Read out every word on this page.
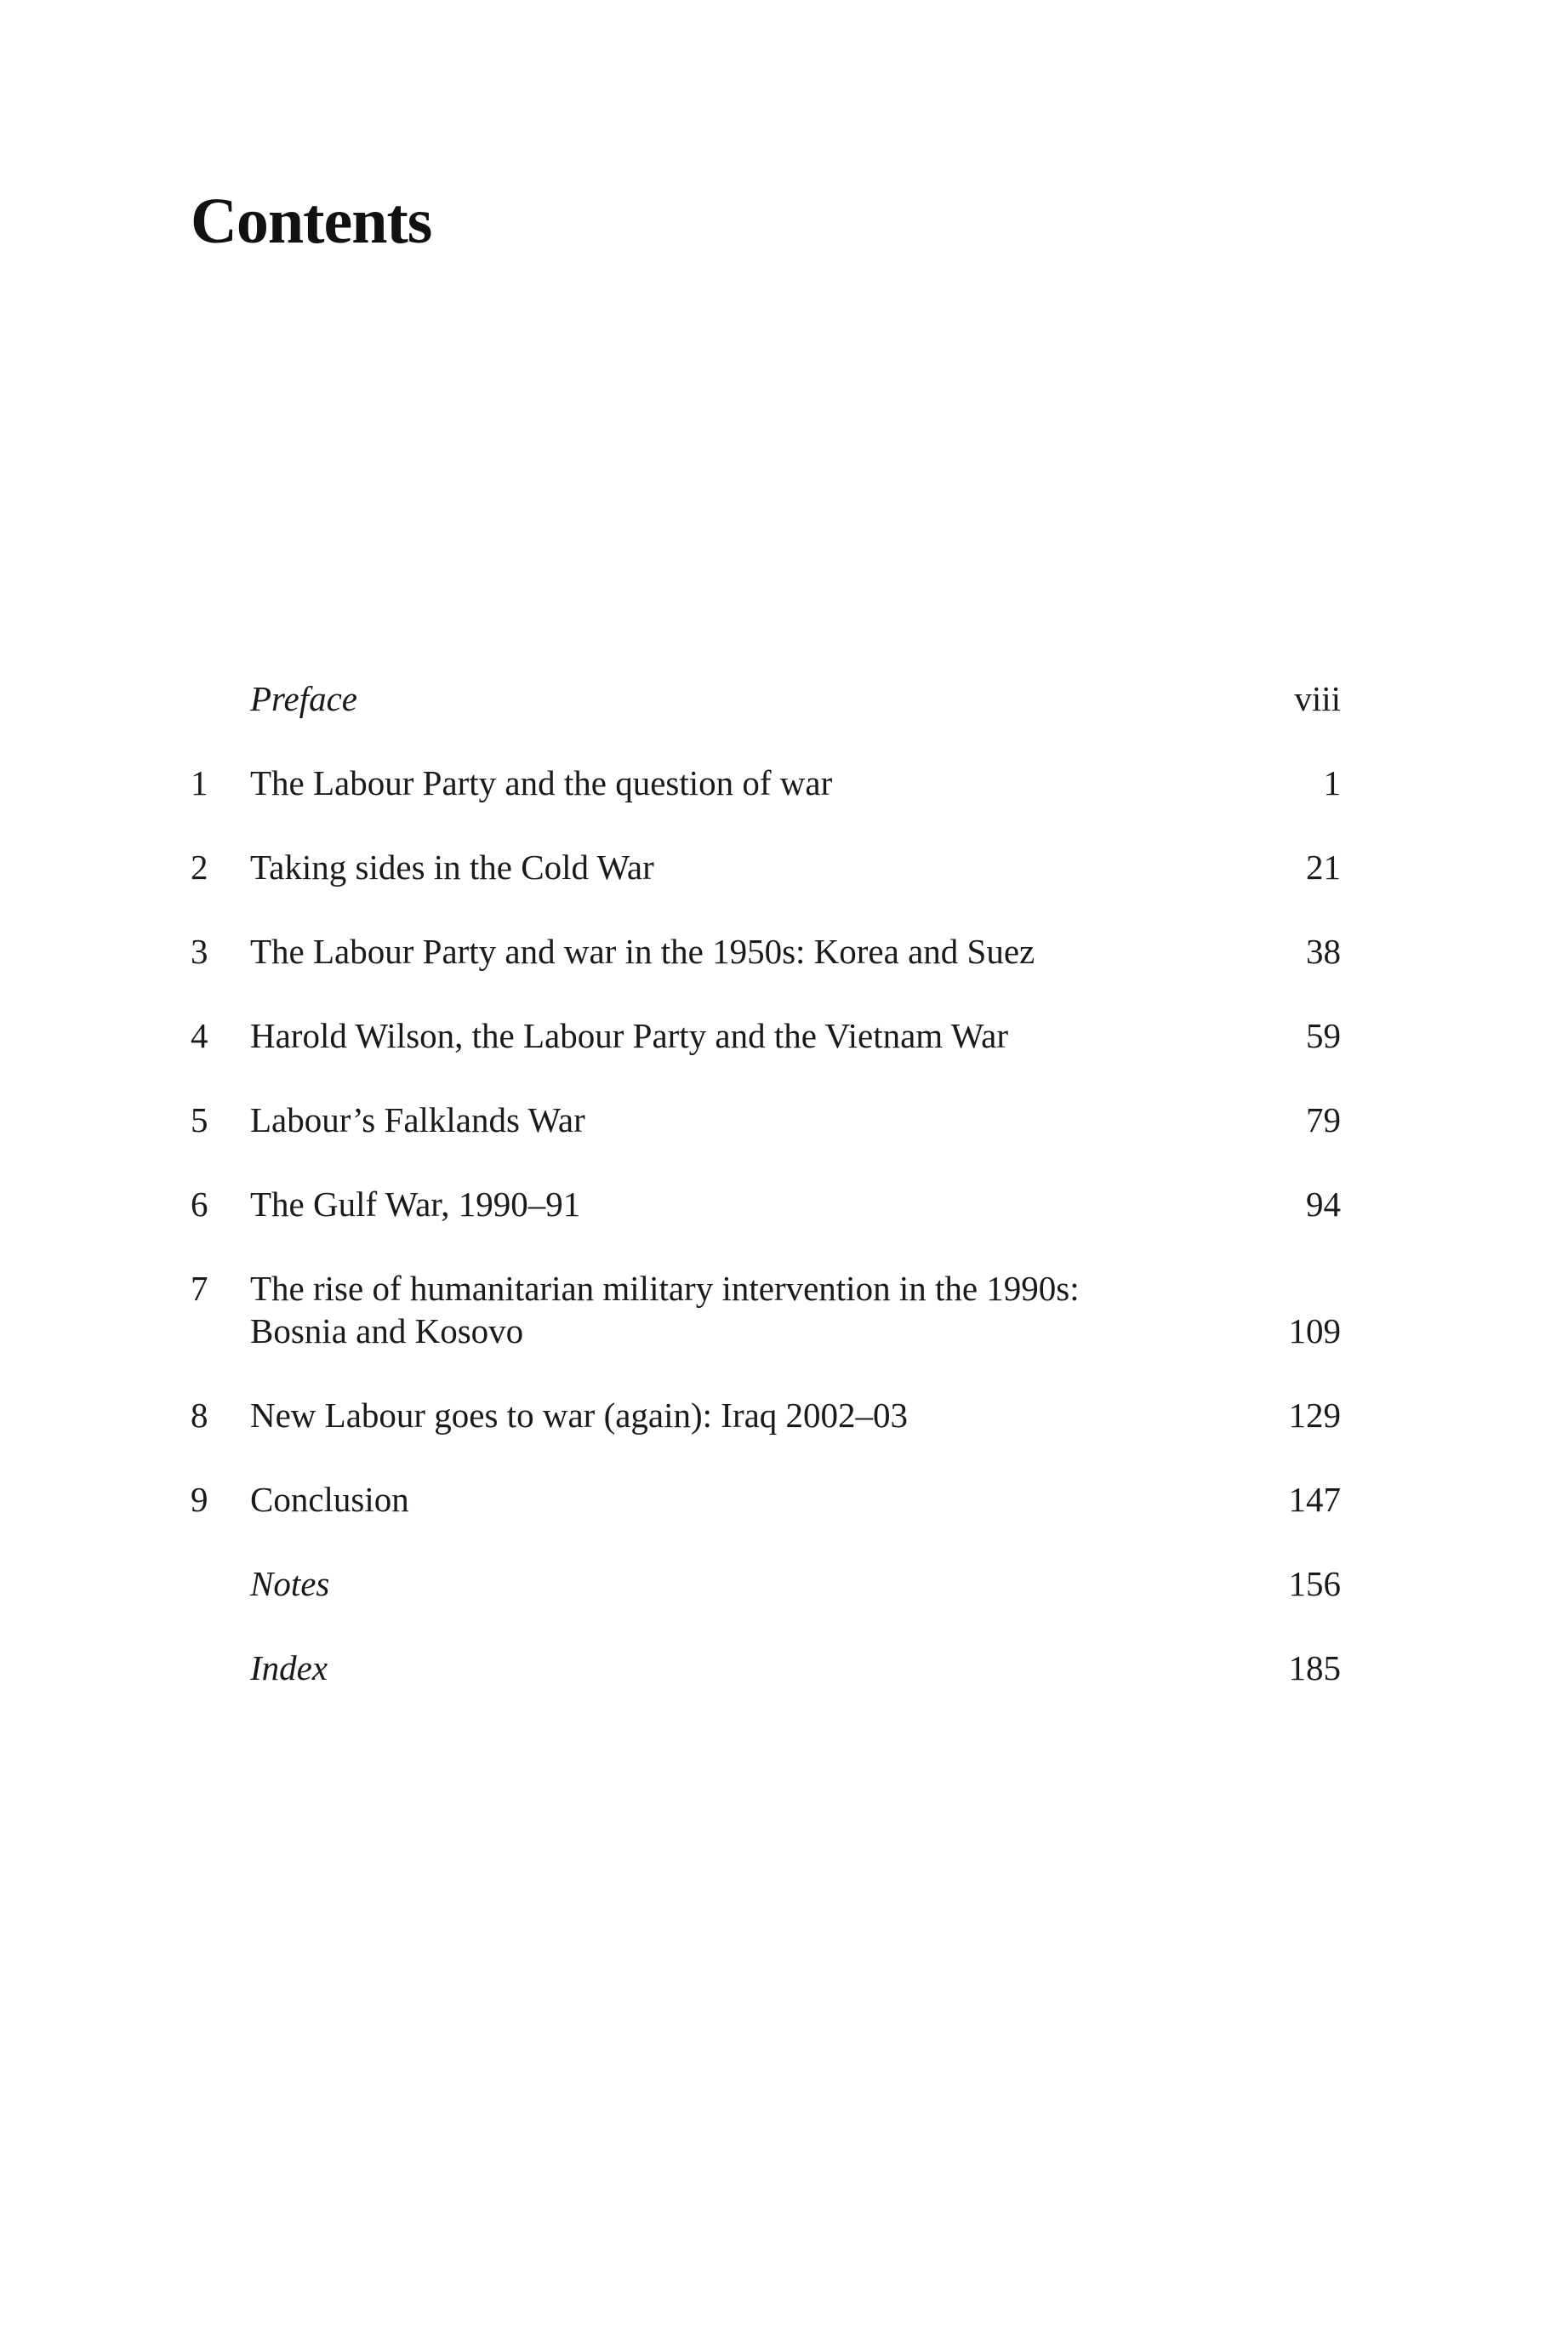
Contents
Preface	viii
1	The Labour Party and the question of war	1
2	Taking sides in the Cold War	21
3	The Labour Party and war in the 1950s: Korea and Suez	38
4	Harold Wilson, the Labour Party and the Vietnam War	59
5	Labour’s Falklands War	79
6	The Gulf War, 1990–91	94
7	The rise of humanitarian military intervention in the 1990s:
Bosnia and Kosovo	109
8	New Labour goes to war (again): Iraq 2002–03	129
9	Conclusion	147
Notes	156
Index	185
